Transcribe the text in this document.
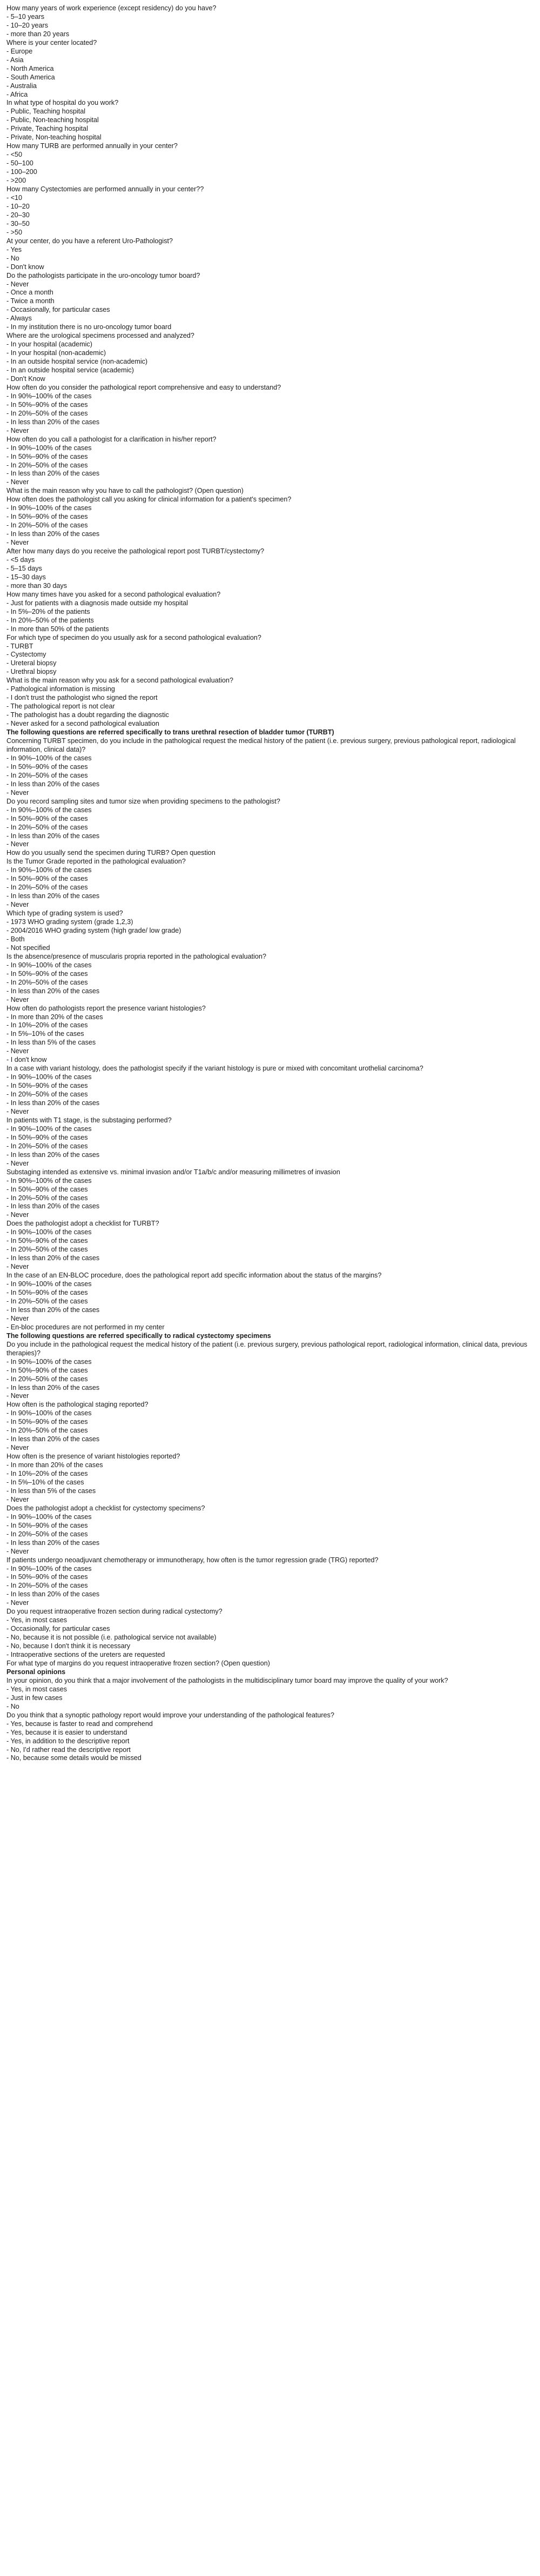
How many years of work experience (except residency) do you have?
- 5–10 years
- 10–20 years
- more than 20 years
Where is your center located?
- Europe
- Asia
- North America
- South America
- Australia
- Africa
In what type of hospital do you work?
- Public, Teaching hospital
- Public, Non-teaching hospital
- Private, Teaching hospital
- Private, Non-teaching hospital
How many TURB are performed annually in your center?
- <50
- 50–100
- 100–200
- >200
How many Cystectomies are performed annually in your center??
- <10
- 10–20
- 20–30
- 30–50
- >50
At your center, do you have a referent Uro-Pathologist?
- Yes
- No
- Don't know
Do the pathologists participate in the uro-oncology tumor board?
- Never
- Once a month
- Twice a month
- Occasionally, for particular cases
- Always
- In my institution there is no uro-oncology tumor board
Where are the urological specimens processed and analyzed?
- In your hospital (academic)
- In your hospital (non-academic)
- In an outside hospital service (non-academic)
- In an outside hospital service (academic)
- Don't Know
How often do you consider the pathological report comprehensive and easy to understand?
- In 90%–100% of the cases
- In 50%–90% of the cases
- In 20%–50% of the cases
- In less than 20% of the cases
- Never
How often do you call a pathologist for a clarification in his/her report?
- In 90%–100% of the cases
- In 50%–90% of the cases
- In 20%–50% of the cases
- In less than 20% of the cases
- Never
What is the main reason why you have to call the pathologist? (Open question)
How often does the pathologist call you asking for clinical information for a patient's specimen?
- In 90%–100% of the cases
- In 50%–90% of the cases
- In 20%–50% of the cases
- In less than 20% of the cases
- Never
After how many days do you receive the pathological report post TURBT/cystectomy?
- <5 days
- 5–15 days
- 15–30 days
- more than 30 days
How many times have you asked for a second pathological evaluation?
- Just for patients with a diagnosis made outside my hospital
- In 5%–20% of the patients
- In 20%–50% of the patients
- In more than 50% of the patients
For which type of specimen do you usually ask for a second pathological evaluation?
- TURBT
- Cystectomy
- Ureteral biopsy
- Urethral biopsy
What is the main reason why you ask for a second pathological evaluation?
- Pathological information is missing
- I don't trust the pathologist who signed the report
- The pathological report is not clear
- The pathologist has a doubt regarding the diagnostic
- Never asked for a second pathological evaluation
The following questions are referred specifically to trans urethral resection of bladder tumor (TURBT)
Concerning TURBT specimen, do you include in the pathological request the medical history of the patient (i.e. previous surgery, previous pathological report, radiological information, clinical data)?
- In 90%–100% of the cases
- In 50%–90% of the cases
- In 20%–50% of the cases
- In less than 20% of the cases
- Never
Do you record sampling sites and tumor size when providing specimens to the pathologist?
- In 90%–100% of the cases
- In 50%–90% of the cases
- In 20%–50% of the cases
- In less than 20% of the cases
- Never
How do you usually send the specimen during TURB? Open question
Is the Tumor Grade reported in the pathological evaluation?
- In 90%–100% of the cases
- In 50%–90% of the cases
- In 20%–50% of the cases
- In less than 20% of the cases
- Never
Which type of grading system is used?
- 1973 WHO grading system (grade 1,2,3)
- 2004/2016 WHO grading system (high grade/ low grade)
- Both
- Not specified
Is the absence/presence of muscularis propria reported in the pathological evaluation?
- In 90%–100% of the cases
- In 50%–90% of the cases
- In 20%–50% of the cases
- In less than 20% of the cases
- Never
How often do pathologists report the presence variant histologies?
- In more than 20% of the cases
- In 10%–20% of the cases
- In 5%–10% of the cases
- In less than 5% of the cases
- Never
- I don't know
In a case with variant histology, does the pathologist specify if the variant histology is pure or mixed with concomitant urothelial carcinoma?
- In 90%–100% of the cases
- In 50%–90% of the cases
- In 20%–50% of the cases
- In less than 20% of the cases
- Never
In patients with T1 stage, is the substaging performed?
- In 90%–100% of the cases
- In 50%–90% of the cases
- In 20%–50% of the cases
- In less than 20% of the cases
- Never
Substaging intended as extensive vs. minimal invasion and/or T1a/b/c and/or measuring millimetres of invasion
- In 90%–100% of the cases
- In 50%–90% of the cases
- In 20%–50% of the cases
- In less than 20% of the cases
- Never
Does the pathologist adopt a checklist for TURBT?
- In 90%–100% of the cases
- In 50%–90% of the cases
- In 20%–50% of the cases
- In less than 20% of the cases
- Never
In the case of an EN-BLOC procedure, does the pathological report add specific information about the status of the margins?
- In 90%–100% of the cases
- In 50%–90% of the cases
- In 20%–50% of the cases
- In less than 20% of the cases
- Never
- En-bloc procedures are not performed in my center
The following questions are referred specifically to radical cystectomy specimens
Do you include in the pathological request the medical history of the patient (i.e. previous surgery, previous pathological report, radiological information, clinical data, previous therapies)?
- In 90%–100% of the cases
- In 50%–90% of the cases
- In 20%–50% of the cases
- In less than 20% of the cases
- Never
How often is the pathological staging reported?
- In 90%–100% of the cases
- In 50%–90% of the cases
- In 20%–50% of the cases
- In less than 20% of the cases
- Never
How often is the presence of variant histologies reported?
- In more than 20% of the cases
- In 10%–20% of the cases
- In 5%–10% of the cases
- In less than 5% of the cases
- Never
Does the pathologist adopt a checklist for cystectomy specimens?
- In 90%–100% of the cases
- In 50%–90% of the cases
- In 20%–50% of the cases
- In less than 20% of the cases
- Never
If patients undergo neoadjuvant chemotherapy or immunotherapy, how often is the tumor regression grade (TRG) reported?
- In 90%–100% of the cases
- In 50%–90% of the cases
- In 20%–50% of the cases
- In less than 20% of the cases
- Never
Do you request intraoperative frozen section during radical cystectomy?
- Yes, in most cases
- Occasionally, for particular cases
- No, because it is not possible (i.e. pathological service not available)
- No, because I don't think it is necessary
- Intraoperative sections of the ureters are requested
For what type of margins do you request intraoperative frozen section? (Open question)
Personal opinions
In your opinion, do you think that a major involvement of the pathologists in the multidisciplinary tumor board may improve the quality of your work?
- Yes, in most cases
- Just in few cases
- No
Do you think that a synoptic pathology report would improve your understanding of the pathological features?
- Yes, because is faster to read and comprehend
- Yes, because it is easier to understand
- Yes, in addition to the descriptive report
- No, I'd rather read the descriptive report
- No, because some details would be missed
